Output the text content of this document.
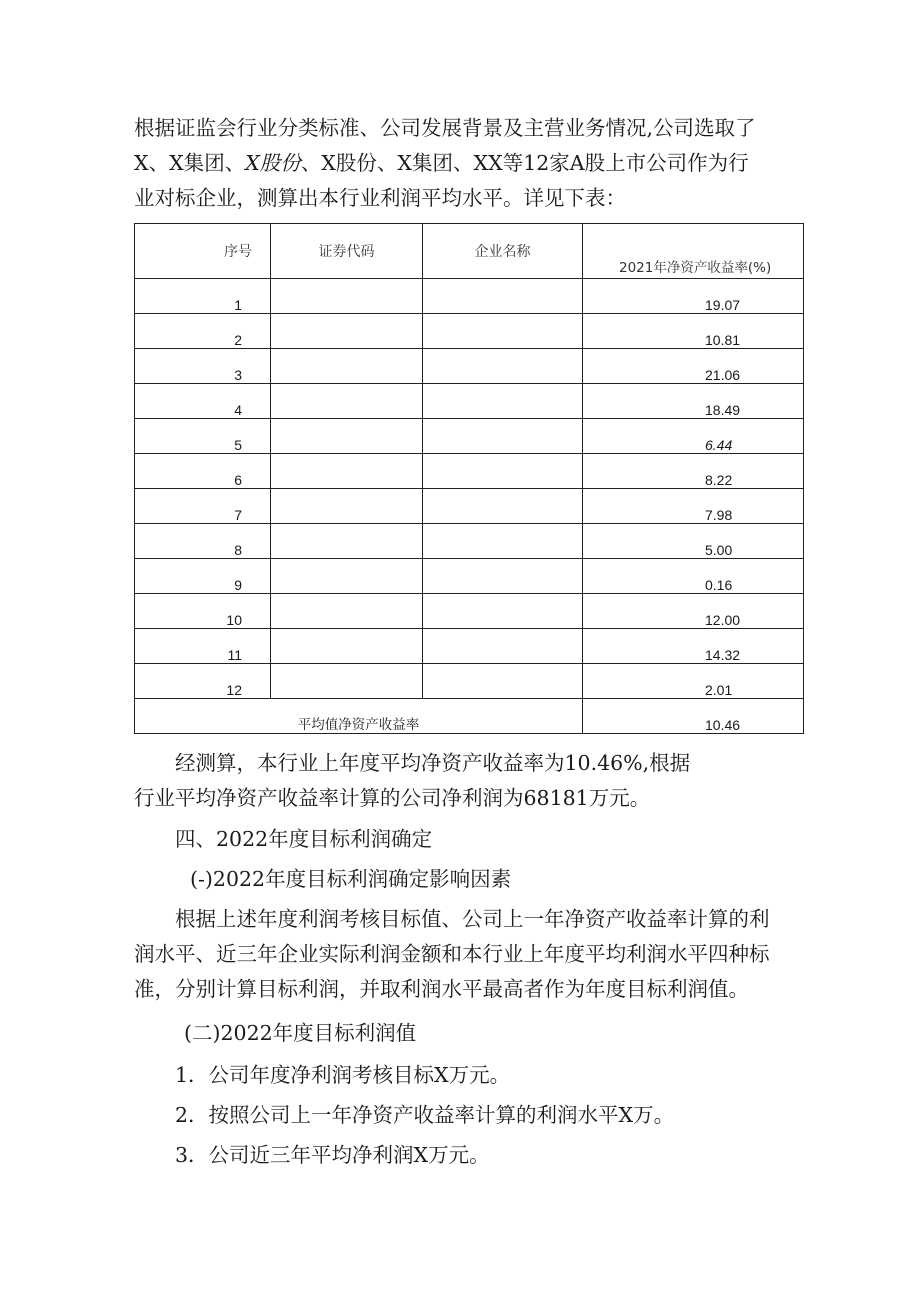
根据证监会行业分类标准、公司发展背景及主营业务情况,公司选取了
X、X集团、X股份、X股份、X集团、XX等12家A股上市公司作为行
业对标企业，测算出本行业利润平均水平。详见下表：

序号	证券代码	企业名称	2021年净资产收益率(%)
1			19.07
2			10.81
3			21.06
4			18.49
5			6.44
6			8.22
7			7.98
8			5.00
9			0.16
10			12.00
11			14.32
12			2.01
平均值净资产收益率			10.46

经测算，本行业上年度平均净资产收益率为10.46%,根据
行业平均净资产收益率计算的公司净利润为68181万元。

四、2022年度目标利润确定

(-)2022年度目标利润确定影响因素

根据上述年度利润考核目标值、公司上一年净资产收益率计算的利
润水平、近三年企业实际利润金额和本行业上年度平均利润水平四种标
准，分别计算目标利润，并取利润水平最高者作为年度目标利润值。

(二)2022年度目标利润值

1．公司年度净利润考核目标X万元。

2．按照公司上一年净资产收益率计算的利润水平X万。

3．公司近三年平均净利润X万元。
